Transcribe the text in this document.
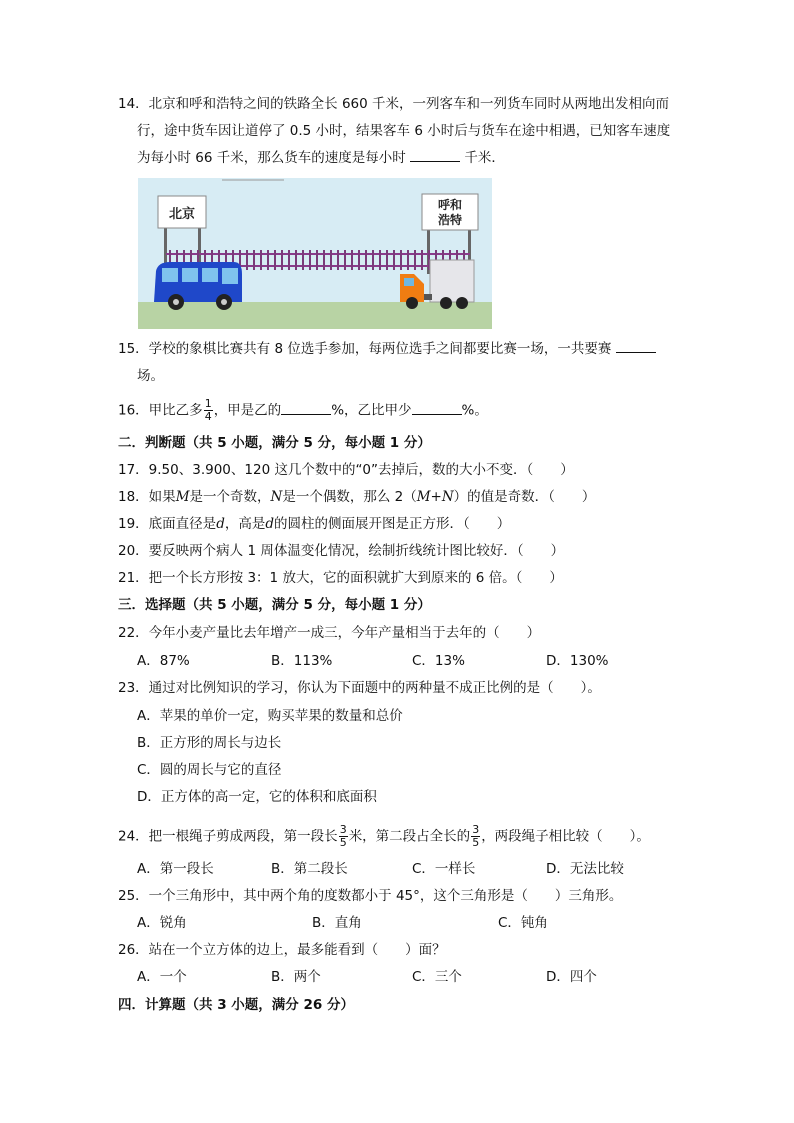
14．北京和呼和浩特之间的铁路全长 660 千米，一列客车和一列货车同时从两地出发相向而
行，途中货车因让道停了 0.5 小时，结果客车 6 小时后与货车在途中相遇，已知客车速度
为每小时 66 千米，那么货车的速度是每小时	千米．
北京
呼和
浩特
15．学校的象棋比赛共有 8 位选手参加，每两位选手之间都要比赛一场，一共要赛
场。
16．甲比乙多 $\frac{1}{4}$ ，甲是乙的	%，乙比甲少	%。
二．判断题（共 5 小题，满分 5 分，每小题 1 分）
17．9.50、3.900、120 这几个数中的“0”去掉后，数的大小不变．（　　）
18．如果M是一个奇数，N是一个偶数，那么 2（M+N）的值是奇数．（　　）
19．底面直径是d，高是d的圆柱的侧面展开图是正方形．（　　）
20．要反映两个病人 1 周体温变化情况，绘制折线统计图比较好．（　　）
21．把一个长方形按 3：1 放大，它的面积就扩大到原来的 6 倍。（　　）
三．选择题（共 5 小题，满分 5 分，每小题 1 分）
22．今年小麦产量比去年增产一成三，今年产量相当于去年的（　　）
A．87%	B．113%	C．13%	D．130%
23．通过对比例知识的学习，你认为下面题中的两种量不成正比例的是（　　）。
A．苹果的单价一定，购买苹果的数量和总价
B．正方形的周长与边长
C．圆的周长与它的直径
D．正方体的高一定，它的体积和底面积
24．把一根绳子剪成两段，第一段长 $\frac{3}{5}$ 米，第二段占全长的 $\frac{3}{5}$ ，两段绳子相比较（　　）。
A．第一段长	B．第二段长	C．一样长	D．无法比较
25．一个三角形中，其中两个角的度数都小于 45°，这个三角形是（　　）三角形。
A．锐角	B．直角	C．钝角
26．站在一个立方体的边上，最多能看到（　　）面？
A．一个	B．两个	C．三个	D．四个
四．计算题（共 3 小题，满分 26 分）
